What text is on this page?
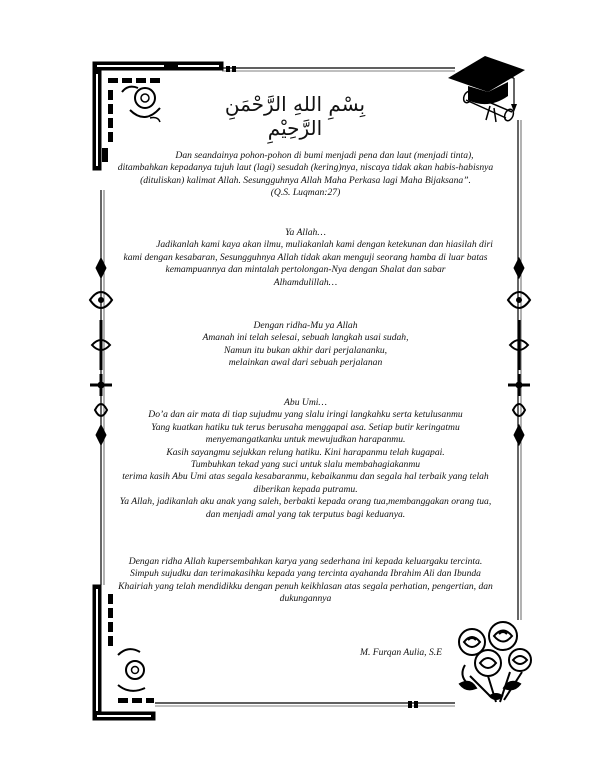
بِسْمِ اللهِ الرَّحْمَنِ الرَّحِيْمِ

Dan seandainya pohon-pohon di bumi menjadi pena dan laut (menjadi tinta),

ditambahkan kepadanya tujuh laut (lagi) sesudah (kering)nya, niscaya tidak akan habis-habisnya

(dituliskan) kalimat Allah. Sesungguhnya Allah Maha Perkasa lagi Maha Bijaksana”.

(Q.S. Luqman:27)

Ya Allah…

Jadikanlah kami kaya akan ilmu, muliakanlah kami dengan ketekunan dan hiasilah diri

kami dengan kesabaran, Sesungguhnya Allah tidak akan menguji seorang hamba di luar batas

kemampuannya dan mintalah pertolongan-Nya dengan Shalat dan sabar

Alhamdulillah…

Dengan ridha-Mu ya Allah

Amanah ini telah selesai, sebuah langkah usai sudah,

Namun itu bukan akhir dari perjalananku,

melainkan awal dari sebuah perjalanan

Abu Umi…

Do’a dan air mata di tiap sujudmu yang slalu iringi langkahku serta ketulusanmu

Yang kuatkan hatiku tuk terus berusaha menggapai asa. Setiap butir keringatmu

menyemangatkanku untuk mewujudkan harapanmu.

Kasih sayangmu sejukkan relung hatiku. Kini harapanmu telah kugapai.

Tumbuhkan tekad yang suci untuk slalu membahagiakanmu

terima kasih Abu Umi atas segala kesabaranmu, kebaikanmu dan segala hal terbaik yang telah

diberikan kepada putramu.

Ya Allah, jadikanlah aku anak yang saleh, berbakti kepada orang tua,membanggakan orang tua,

dan menjadi amal yang tak terputus bagi keduanya.

Dengan ridha Allah kupersembahkan karya yang sederhana ini kepada keluargaku tercinta.

Simpuh sujudku dan terimakasihku kepada yang tercinta ayahanda Ibrahim Ali dan Ibunda

Khairiah yang telah mendidikku dengan penuh keikhlasan atas segala perhatian, pengertian, dan

dukungannya

M. Furqan Aulia, S.E
